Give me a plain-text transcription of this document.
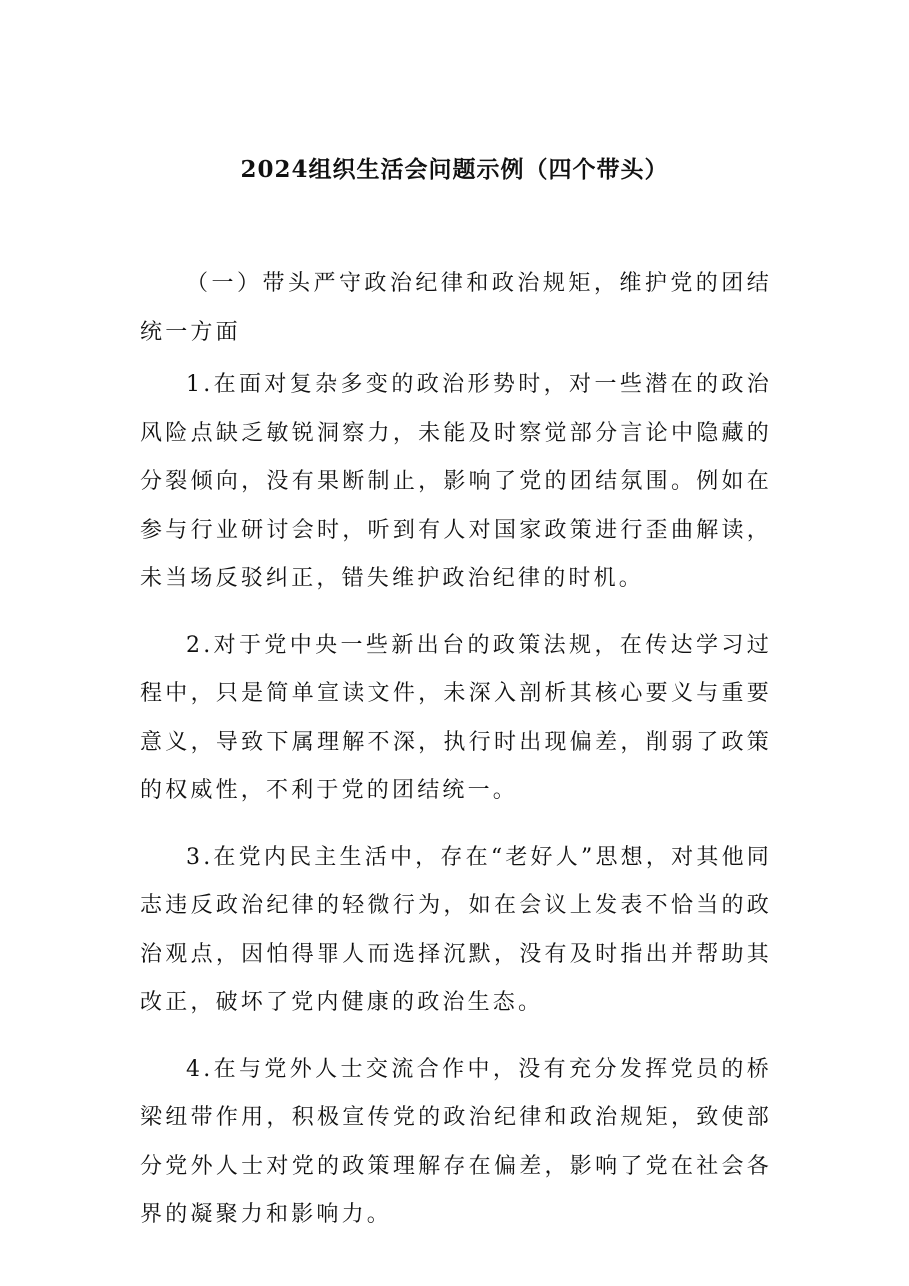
2024组织生活会问题示例（四个带头）

（一）带头严守政治纪律和政治规矩，维护党的团结统一方面

1.在面对复杂多变的政治形势时，对一些潜在的政治风险点缺乏敏锐洞察力，未能及时察觉部分言论中隐藏的分裂倾向，没有果断制止，影响了党的团结氛围。例如在参与行业研讨会时，听到有人对国家政策进行歪曲解读，未当场反驳纠正，错失维护政治纪律的时机。

2.对于党中央一些新出台的政策法规，在传达学习过程中，只是简单宣读文件，未深入剖析其核心要义与重要意义，导致下属理解不深，执行时出现偏差，削弱了政策的权威性，不利于党的团结统一。

3.在党内民主生活中，存在“老好人”思想，对其他同志违反政治纪律的轻微行为，如在会议上发表不恰当的政治观点，因怕得罪人而选择沉默，没有及时指出并帮助其改正，破坏了党内健康的政治生态。

4.在与党外人士交流合作中，没有充分发挥党员的桥梁纽带作用，积极宣传党的政治纪律和政治规矩，致使部分党外人士对党的政策理解存在偏差，影响了党在社会各界的凝聚力和影响力。
